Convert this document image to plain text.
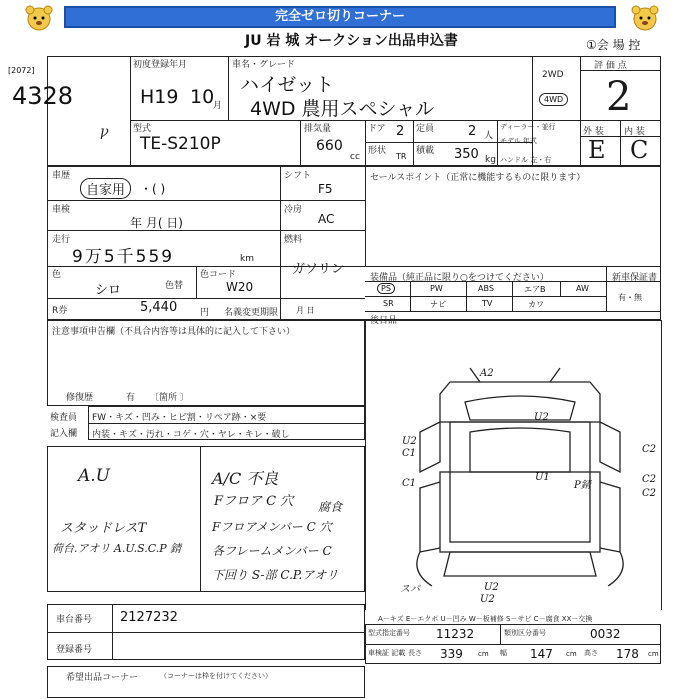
完全ゼロ切りコーナー
JU 岩 城 オークション出品申込書	①会 場 控
[2072]
4328
ꝩ
初度登録年月
H19 10
月
車名・グレード
ハイゼット
4WD 農用スペシャル
2WD
4WD
評 価 点
2
型式
TE-S210P
排気量
660
cc
ドア 2 定員	2 人
形状
TR
積載 350 kg
ディーラー・並行
モデル 年式
ハンドル 左・右
外 装 内 装
E C
車歴
自家用	・( )
シフト
F5
セールスポイント（正常に機能するものに限ります）
車検
年 月( 日)
冷房
AC
走行
9万5千559	km
燃料
ガソリン
色
シロ	色替
色コード
W20
R券	5,440	円 名義変更期限 月 日
装備品（純正品に限り○をつけてください）	新車保証書
有・無
PS	PW	ABS	エアB	AW
SR	ナビ	TV	カワ
後日品
注意事項申告欄（不具合内容等は具体的に記入して下さい）
修復歴	有 〔箇所 〕
検査員
記入欄
FW・キズ・凹み・ヒビ割・リペア跡・×要
内装・キズ・汚れ・コゲ・穴・ヤレ・キレ・破し
A.U
スタッドレスT
荷台.アオリ A.U.S.C.P 錆
A/C 不良
Fフロア C 穴 腐食
Fフロアメンバー C 穴
各フレームメンバー C
下回り S-部 C.P.アオリ
A2
U2
U2
C1	C2
C1
U1
P錆
C2
C2
U2
U2
スパ
車台番号 2127232
登録番号
A－キズ E－エクボ U－凹み W－板補修 S－サビ C－腐食 XX－交換
型式指定番号 11232	類別区分番号	0032
車検証 記載 長さ 339 cm 幅 147 cm 高さ 178 cm
希望出品コーナー	（コーナーは枠を付けてください）
